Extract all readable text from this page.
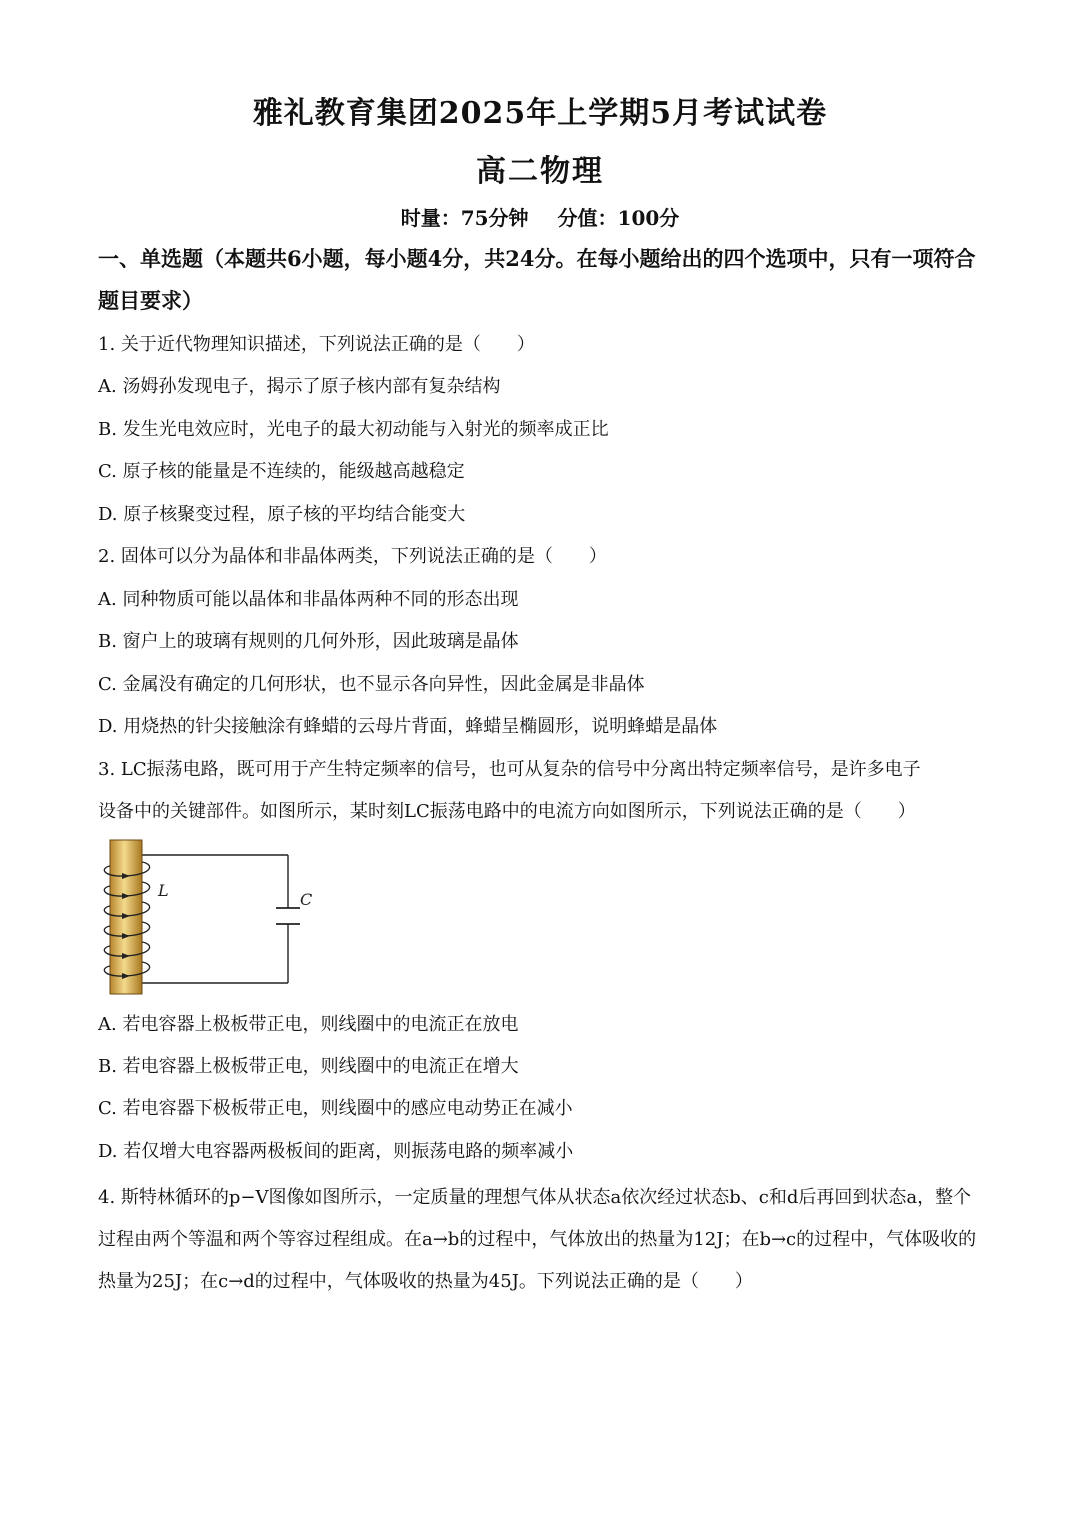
雅礼教育集团2025年上学期5月考试试卷
高二物理
时量：75分钟 分值：100分
一、单选题（本题共6小题，每小题4分，共24分。在每小题给出的四个选项中，只有一项符合题目要求）
1. 关于近代物理知识描述，下列说法正确的是（　　）
A. 汤姆孙发现电子，揭示了原子核内部有复杂结构
B. 发生光电效应时，光电子的最大初动能与入射光的频率成正比
C. 原子核的能量是不连续的，能级越高越稳定
D. 原子核聚变过程，原子核的平均结合能变大
2. 固体可以分为晶体和非晶体两类，下列说法正确的是（　　）
A. 同种物质可能以晶体和非晶体两种不同的形态出现
B. 窗户上的玻璃有规则的几何外形，因此玻璃是晶体
C. 金属没有确定的几何形状，也不显示各向异性，因此金属是非晶体
D. 用烧热的针尖接触涂有蜂蜡的云母片背面，蜂蜡呈椭圆形，说明蜂蜡是晶体
3. LC振荡电路，既可用于产生特定频率的信号，也可从复杂的信号中分离出特定频率信号，是许多电子
设备中的关键部件。如图所示，某时刻LC振荡电路中的电流方向如图所示，下列说法正确的是（　　）
L	C
A. 若电容器上极板带正电，则线圈中的电流正在放电
B. 若电容器上极板带正电，则线圈中的电流正在增大
C. 若电容器下极板带正电，则线圈中的感应电动势正在减小
D. 若仅增大电容器两极板间的距离，则振荡电路的频率减小
4. 斯特林循环的p−V图像如图所示，一定质量的理想气体从状态a依次经过状态b、c和d后再回到状态a，整个过程由两个等温和两个等容过程组成。在a→b的过程中，气体放出的热量为12J；在b→c的过程中，气体吸收的热量为25J；在c→d的过程中，气体吸收的热量为45J。下列说法正确的是（　　）
